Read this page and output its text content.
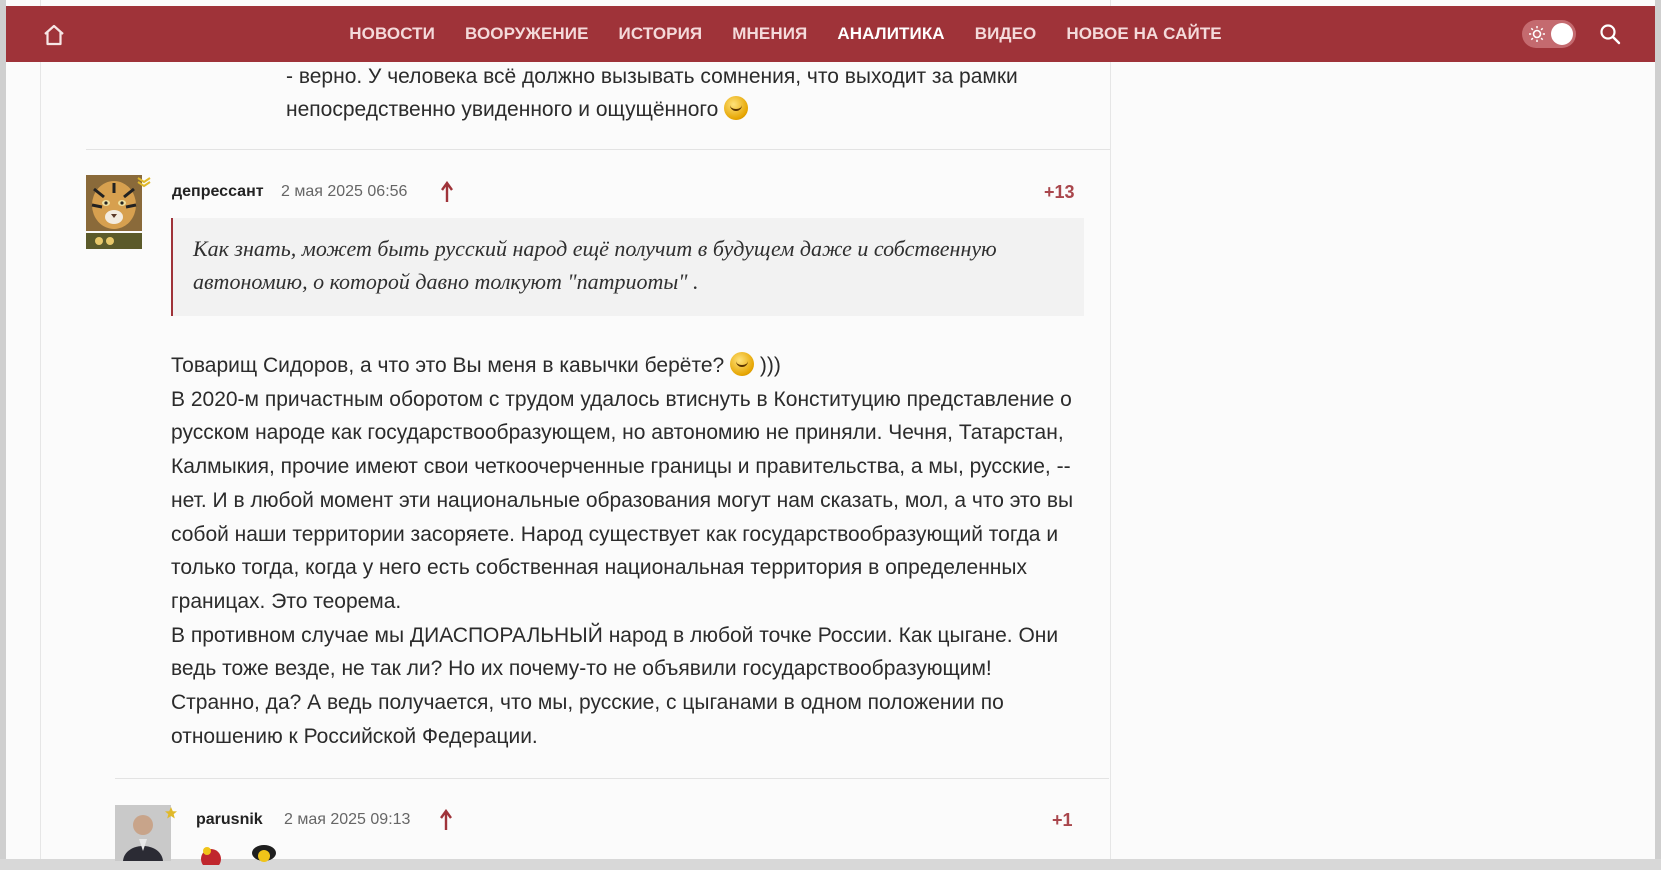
- верно. У человека всё должно вызывать сомнения, что выходит за рамки непосредственно увиденного и ощущённого
депрессант 2 мая 2025 06:56	+13
Как знать, может быть русский народ ещё получит в будущем даже и собственную автономию, о которой давно толкуют "патриоты" .

Товарищ Сидоров, а что это Вы меня в кавычки берёте? )))

В 2020-м причастным оборотом с трудом удалось втиснуть в Конституцию представление о русском народе как государствообразующем, но автономию не приняли. Чечня, Татарстан, Калмыкия, прочие имеют свои четкоочерченные границы и правительства, а мы, русские, -- нет. И в любой момент эти национальные образования могут нам сказать, мол, а что это вы собой наши территории засоряете. Народ существует как государствообразующий тогда и только тогда, когда у него есть собственная национальная территория в определенных границах. Это теорема.

В противном случае мы ДИАСПОРАЛЬНЫЙ народ в любой точке России. Как цыгане. Они ведь тоже везде, не так ли? Но их почему-то не объявили государствообразующим! Странно, да? А ведь получается, что мы, русские, с цыганами в одном положении по отношению к Российской Федерации.

parusnik 2 мая 2025 09:13	+1
НОВОСТИ	ВООРУЖЕНИЕ	ИСТОРИЯ	МНЕНИЯ	АНАЛИТИКА	ВИДЕО	НОВОЕ НА САЙТЕ
